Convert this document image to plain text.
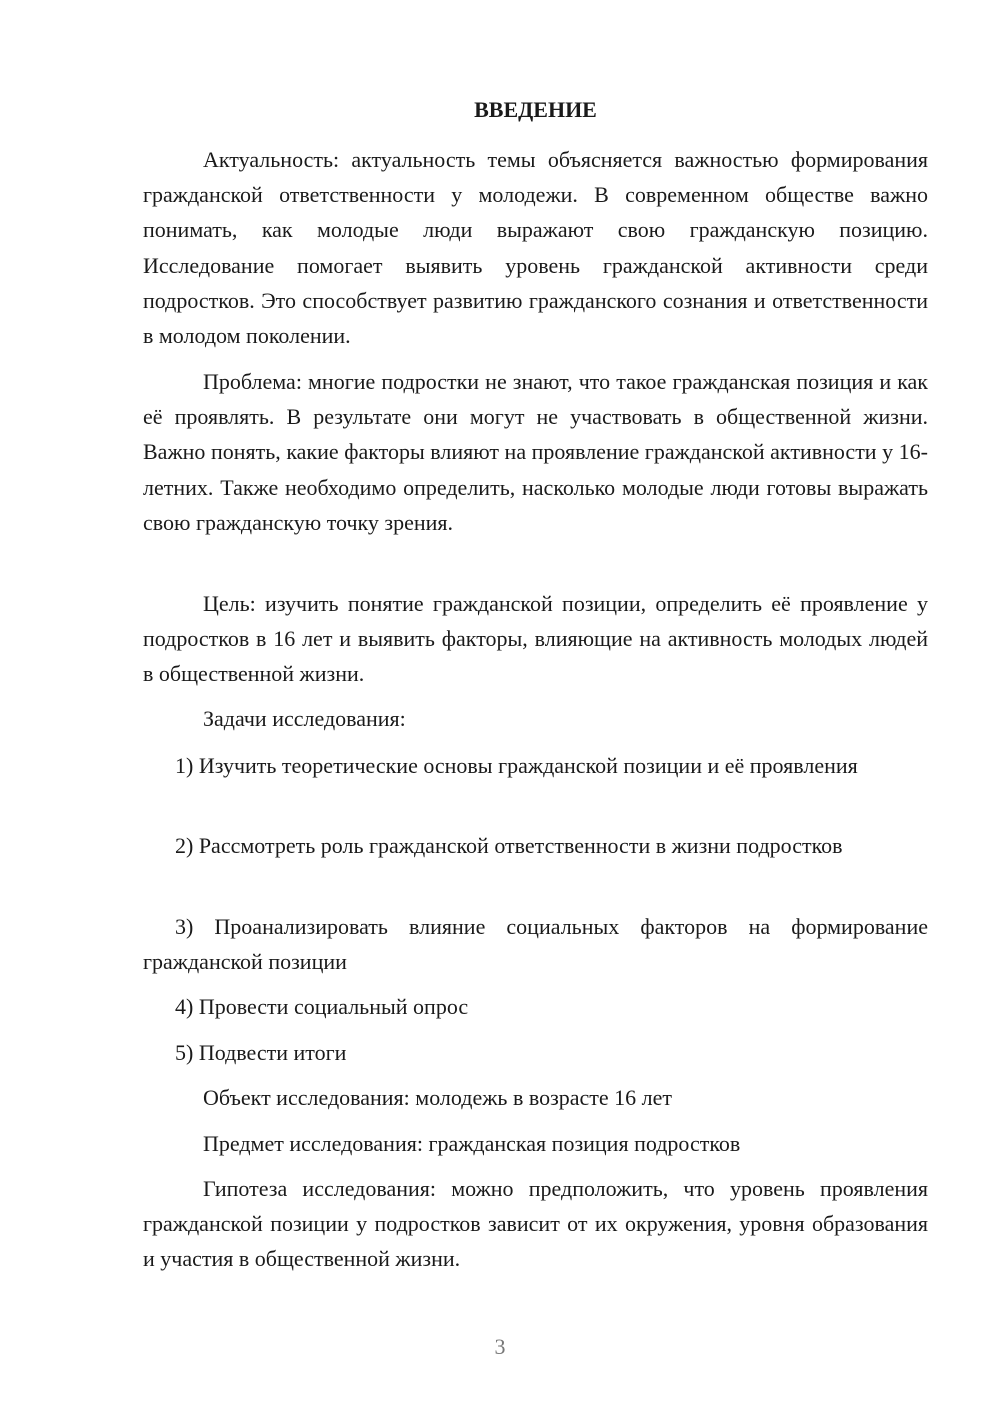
ВВЕДЕНИЕ

Актуальность: актуальность темы объясняется важностью формирования гражданской ответственности у молодежи. В современном обществе важно понимать, как молодые люди выражают свою гражданскую позицию. Исследование помогает выявить уровень гражданской активности среди подростков. Это способствует развитию гражданского сознания и ответственности в молодом поколении.

Проблема: многие подростки не знают, что такое гражданская позиция и как её проявлять. В результате они могут не участвовать в общественной жизни. Важно понять, какие факторы влияют на проявление гражданской активности у 16-летних. Также необходимо определить, насколько молодые люди готовы выражать свою гражданскую точку зрения.

Цель: изучить понятие гражданской позиции, определить её проявление у подростков в 16 лет и выявить факторы, влияющие на активность молодых людей в общественной жизни.

Задачи исследования:

1) Изучить теоретические основы гражданской позиции и её проявления

2) Рассмотреть роль гражданской ответственности в жизни подростков

3) Проанализировать влияние социальных факторов на формирование гражданской позиции

4) Провести социальный опрос

5) Подвести итоги

Объект исследования: молодежь в возрасте 16 лет

Предмет исследования: гражданская позиция подростков

Гипотеза исследования: можно предположить, что уровень проявления гражданской позиции у подростков зависит от их окружения, уровня образования и участия в общественной жизни.

3
